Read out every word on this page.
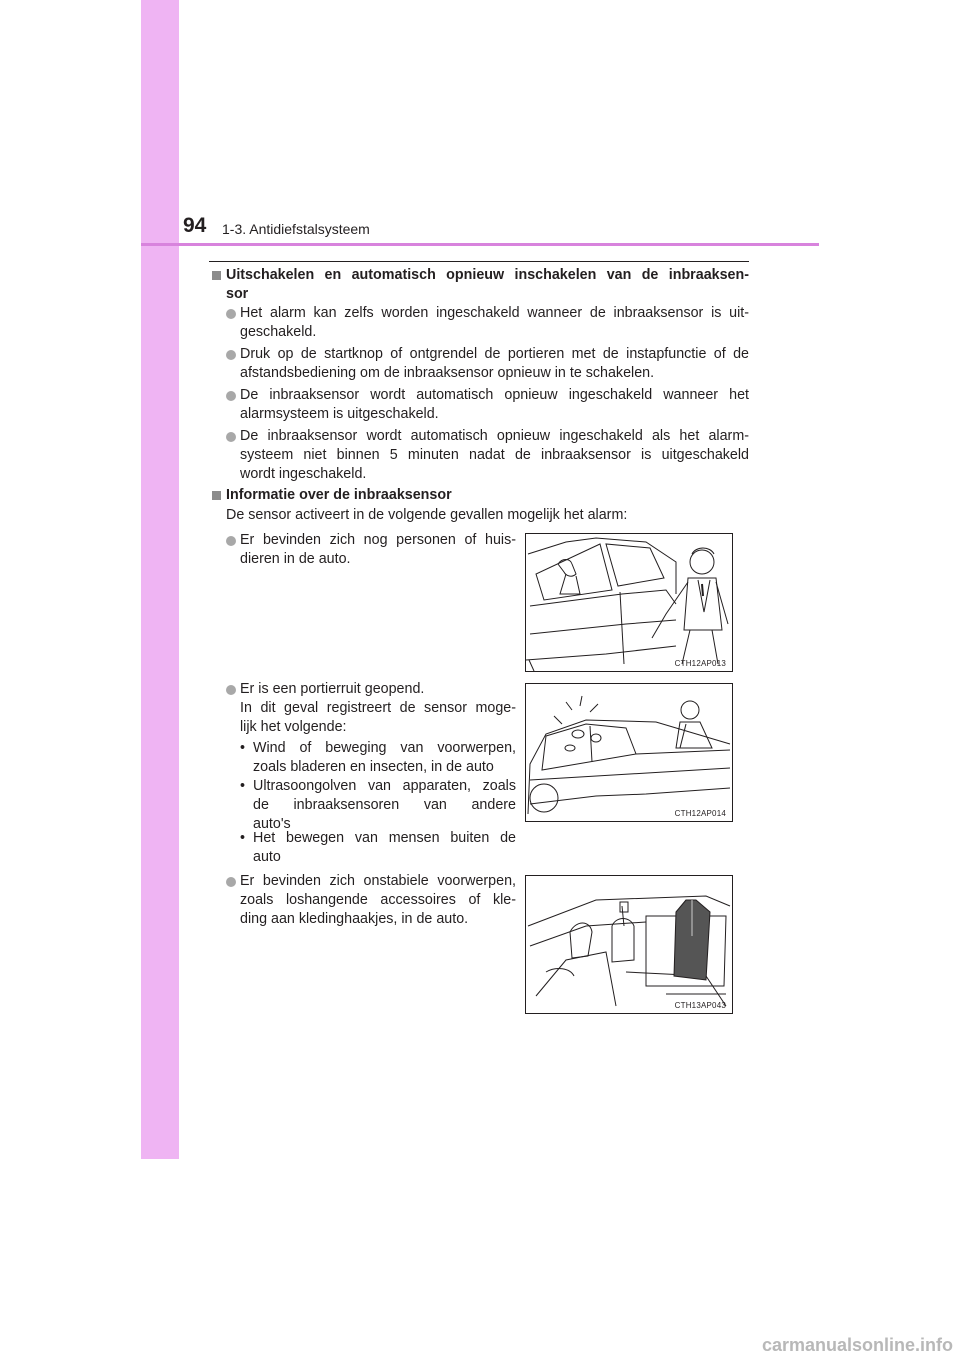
94 1-3. Antidiefstalsysteem
Uitschakelen en automatisch opnieuw inschakelen van de inbraaksen-
sor
Het alarm kan zelfs worden ingeschakeld wanneer de inbraaksensor is uit-
geschakeld.
Druk op de startknop of ontgrendel de portieren met de instapfunctie of de
afstandsbediening om de inbraaksensor opnieuw in te schakelen.
De inbraaksensor wordt automatisch opnieuw ingeschakeld wanneer het
alarmsysteem is uitgeschakeld.
De inbraaksensor wordt automatisch opnieuw ingeschakeld als het alarm-
systeem niet binnen 5 minuten nadat de inbraaksensor is uitgeschakeld
wordt ingeschakeld.
Informatie over de inbraaksensor
De sensor activeert in de volgende gevallen mogelijk het alarm:
Er bevinden zich nog personen of huis-
dieren in de auto.
Er is een portierruit geopend.
In dit geval registreert de sensor moge-
lijk het volgende:
• Wind of beweging van voorwerpen,
zoals bladeren en insecten, in de auto
• Ultrasoongolven van apparaten, zoals
de inbraaksensoren van andere
auto's
• Het bewegen van mensen buiten de
auto
Er bevinden zich onstabiele voorwerpen,
zoals loshangende accessoires of kle-
ding aan kledinghaakjes, in de auto.
CTH12AP013
CTH12AP014
CTH13AP043
carmanualsonline.info
